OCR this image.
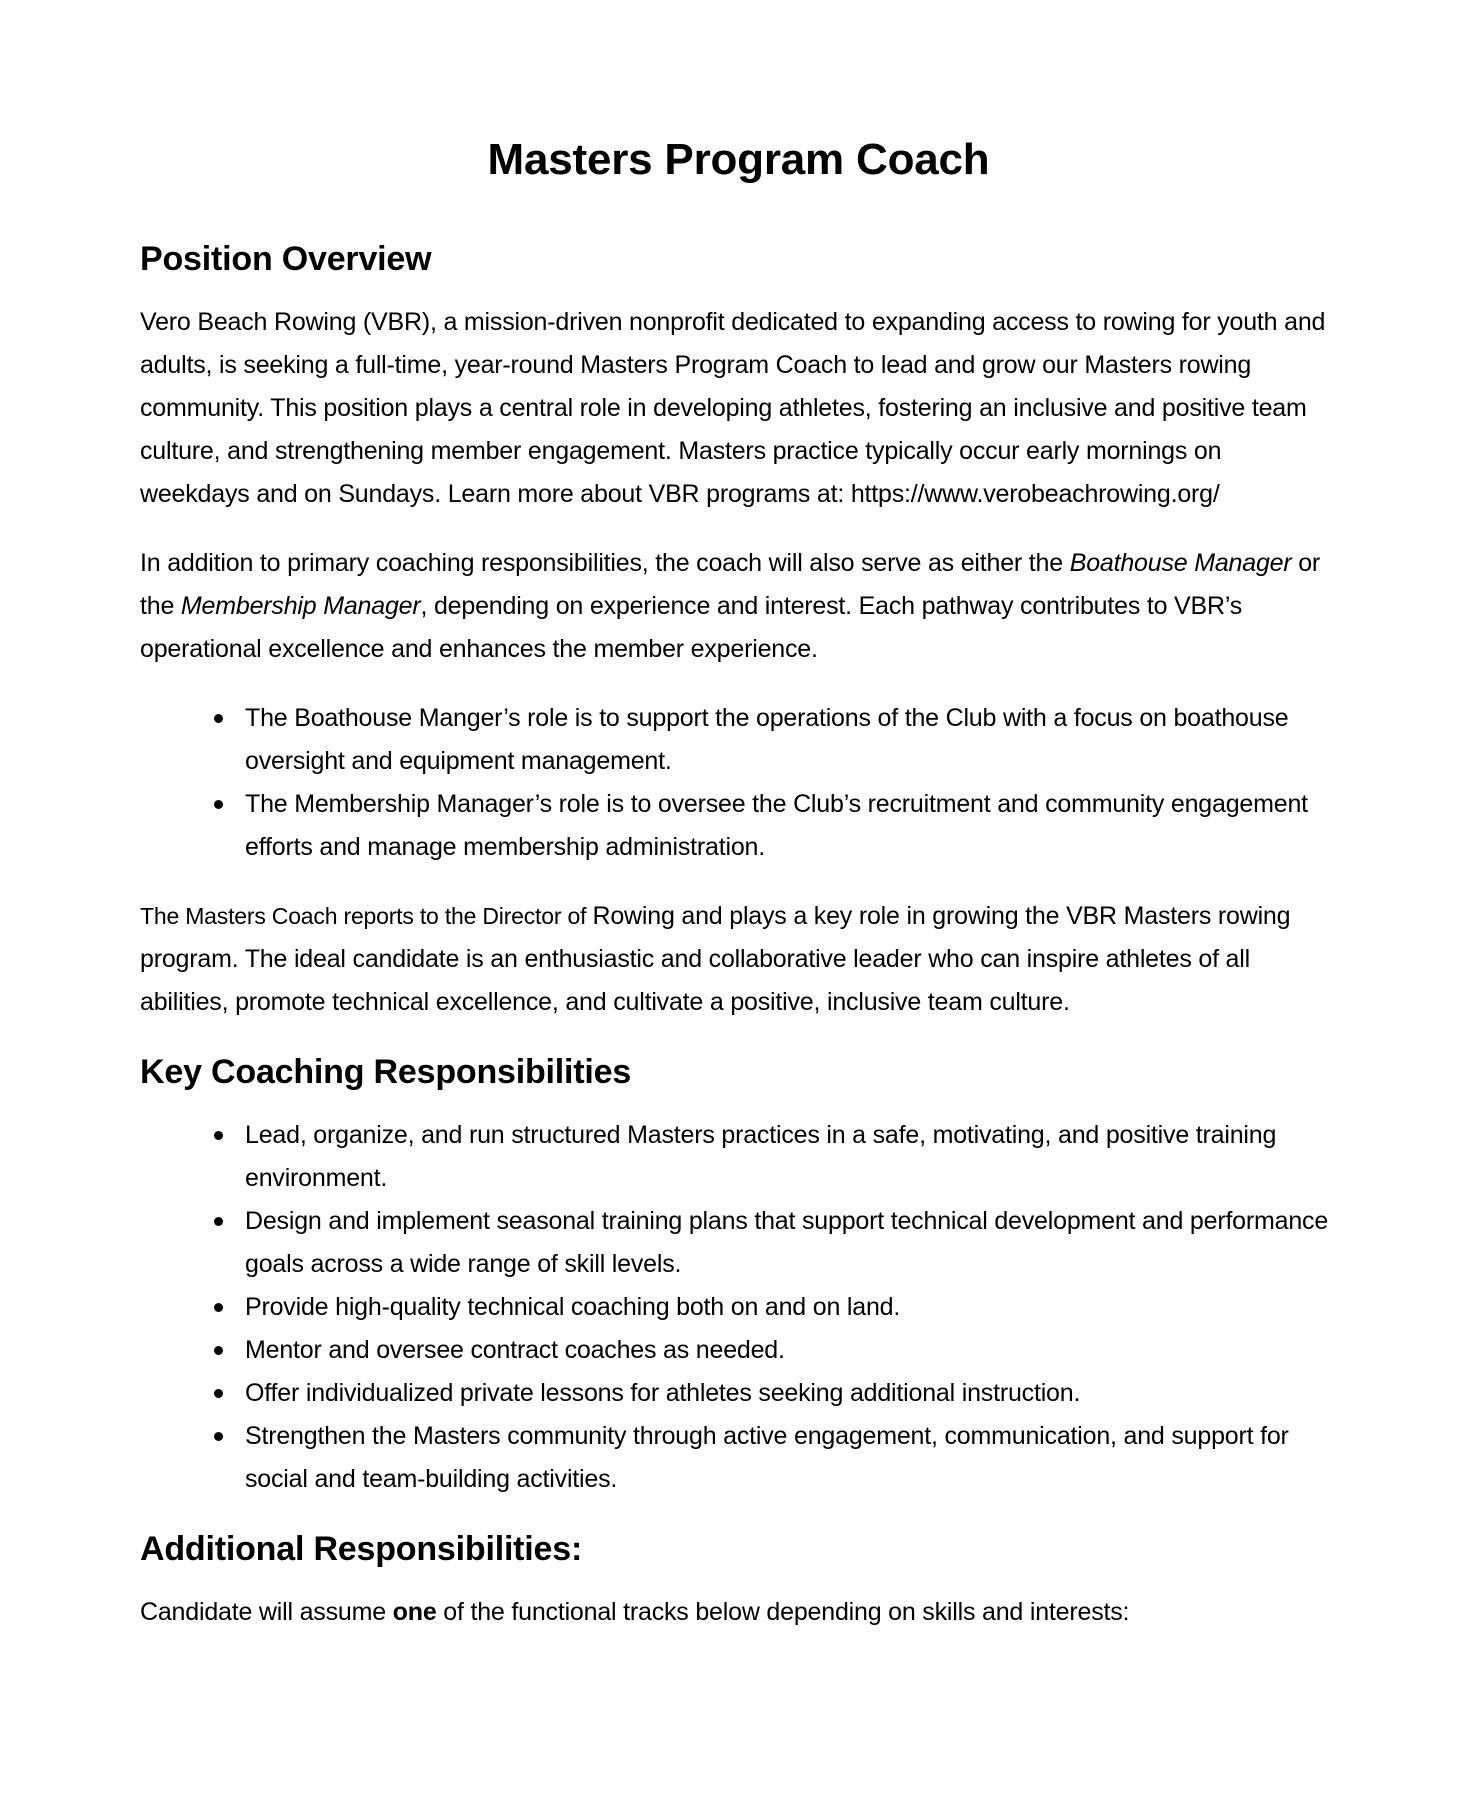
Masters Program Coach
Position Overview

Vero Beach Rowing (VBR), a mission-driven nonprofit dedicated to expanding access to rowing for youth and adults, is seeking a full-time, year-round Masters Program Coach to lead and grow our Masters rowing community. This position plays a central role in developing athletes, fostering an inclusive and positive team culture, and strengthening member engagement. Masters practice typically occur early mornings on weekdays and on Sundays. Learn more about VBR programs at: https://www.verobeachrowing.org/

In addition to primary coaching responsibilities, the coach will also serve as either the Boathouse Manager or the Membership Manager, depending on experience and interest. Each pathway contributes to VBR’s operational excellence and enhances the member experience.

The Boathouse Manger’s role is to support the operations of the Club with a focus on boathouse oversight and equipment management.
The Membership Manager’s role is to oversee the Club’s recruitment and community engagement efforts and manage membership administration.

The Masters Coach reports to the Director of Rowing and plays a key role in growing the VBR Masters rowing program. The ideal candidate is an enthusiastic and collaborative leader who can inspire athletes of all abilities, promote technical excellence, and cultivate a positive, inclusive team culture.

Key Coaching Responsibilities
Lead, organize, and run structured Masters practices in a safe, motivating, and positive training environment.
Design and implement seasonal training plans that support technical development and performance goals across a wide range of skill levels.
Provide high-quality technical coaching both on and on land.
Mentor and oversee contract coaches as needed.
Offer individualized private lessons for athletes seeking additional instruction.
Strengthen the Masters community through active engagement, communication, and support for social and team-building activities.
Additional Responsibilities:

Candidate will assume one of the functional tracks below depending on skills and interests:
